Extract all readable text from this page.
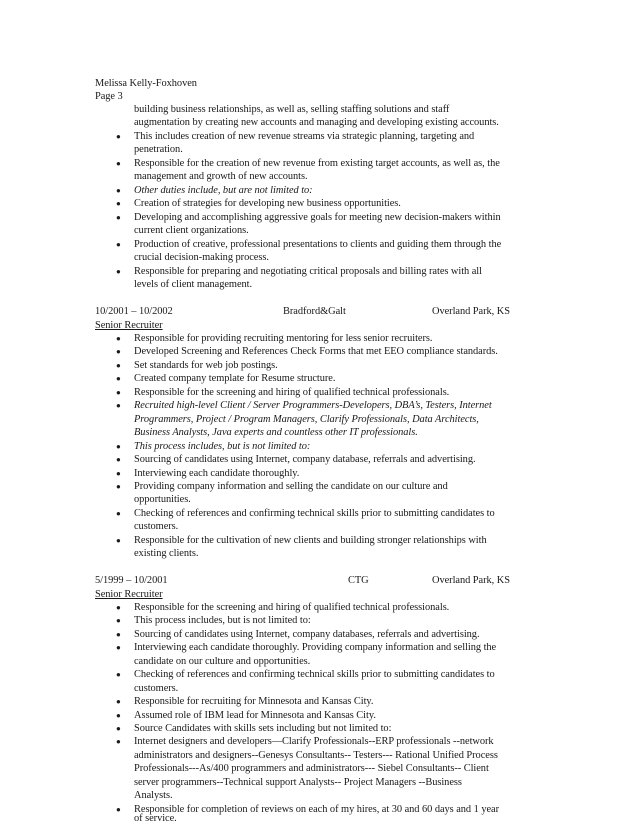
Melissa Kelly-Foxhoven
Page 3
building business relationships, as well as, selling staffing solutions and staff
augmentation by creating new accounts and managing and developing existing accounts.
● This includes creation of new revenue streams via strategic planning, targeting and
penetration.
● Responsible for the creation of new revenue from existing target accounts, as well as, the
management and growth of new accounts.
● Other duties include, but are not limited to:
● Creation of strategies for developing new business opportunities.
● Developing and accomplishing aggressive goals for meeting new decision-makers within
current client organizations.
● Production of creative, professional presentations to clients and guiding them through the
crucial decision-making process.
● Responsible for preparing and negotiating critical proposals and billing rates with all
levels of client management.
10/2001 – 10/2002	Bradford&Galt	Overland Park, KS
Senior Recruiter
● Responsible for providing recruiting mentoring for less senior recruiters.
● Developed Screening and References Check Forms that met EEO compliance standards.
● Set standards for web job postings.
● Created company template for Resume structure.
● Responsible for the screening and hiring of qualified technical professionals.
● Recruited high-level Client / Server Programmers-Developers, DBA’s, Testers, Internet
Programmers, Project / Program Managers, Clarify Professionals, Data Architects,
Business Analysts, Java experts and countless other IT professionals.
● This process includes, but is not limited to:
● Sourcing of candidates using Internet, company database, referrals and advertising.
● Interviewing each candidate thoroughly.
● Providing company information and selling the candidate on our culture and
opportunities.
● Checking of references and confirming technical skills prior to submitting candidates to
customers.
● Responsible for the cultivation of new clients and building stronger relationships with
existing clients.
5/1999 – 10/2001	CTG	Overland Park, KS
Senior Recruiter
● Responsible for the screening and hiring of qualified technical professionals.
● This process includes, but is not limited to:
● Sourcing of candidates using Internet, company databases, referrals and advertising.
● Interviewing each candidate thoroughly. Providing company information and selling the
candidate on our culture and opportunities.
● Checking of references and confirming technical skills prior to submitting candidates to
customers.
● Responsible for recruiting for Minnesota and Kansas City.
● Assumed role of IBM lead for Minnesota and Kansas City.
● Source Candidates with skills sets including but not limited to:
● Internet designers and developers—Clarify Professionals--ERP professionals --network
administrators and designers--Genesys Consultants-- Testers--- Rational Unified Process
Professionals---As/400 programmers and administrators--- Siebel Consultants-- Client
server programmers--Technical support Analysts-- Project Managers --Business
Analysts.
● Responsible for completion of reviews on each of my hires, at 30 and 60 days and 1 year
of service.
